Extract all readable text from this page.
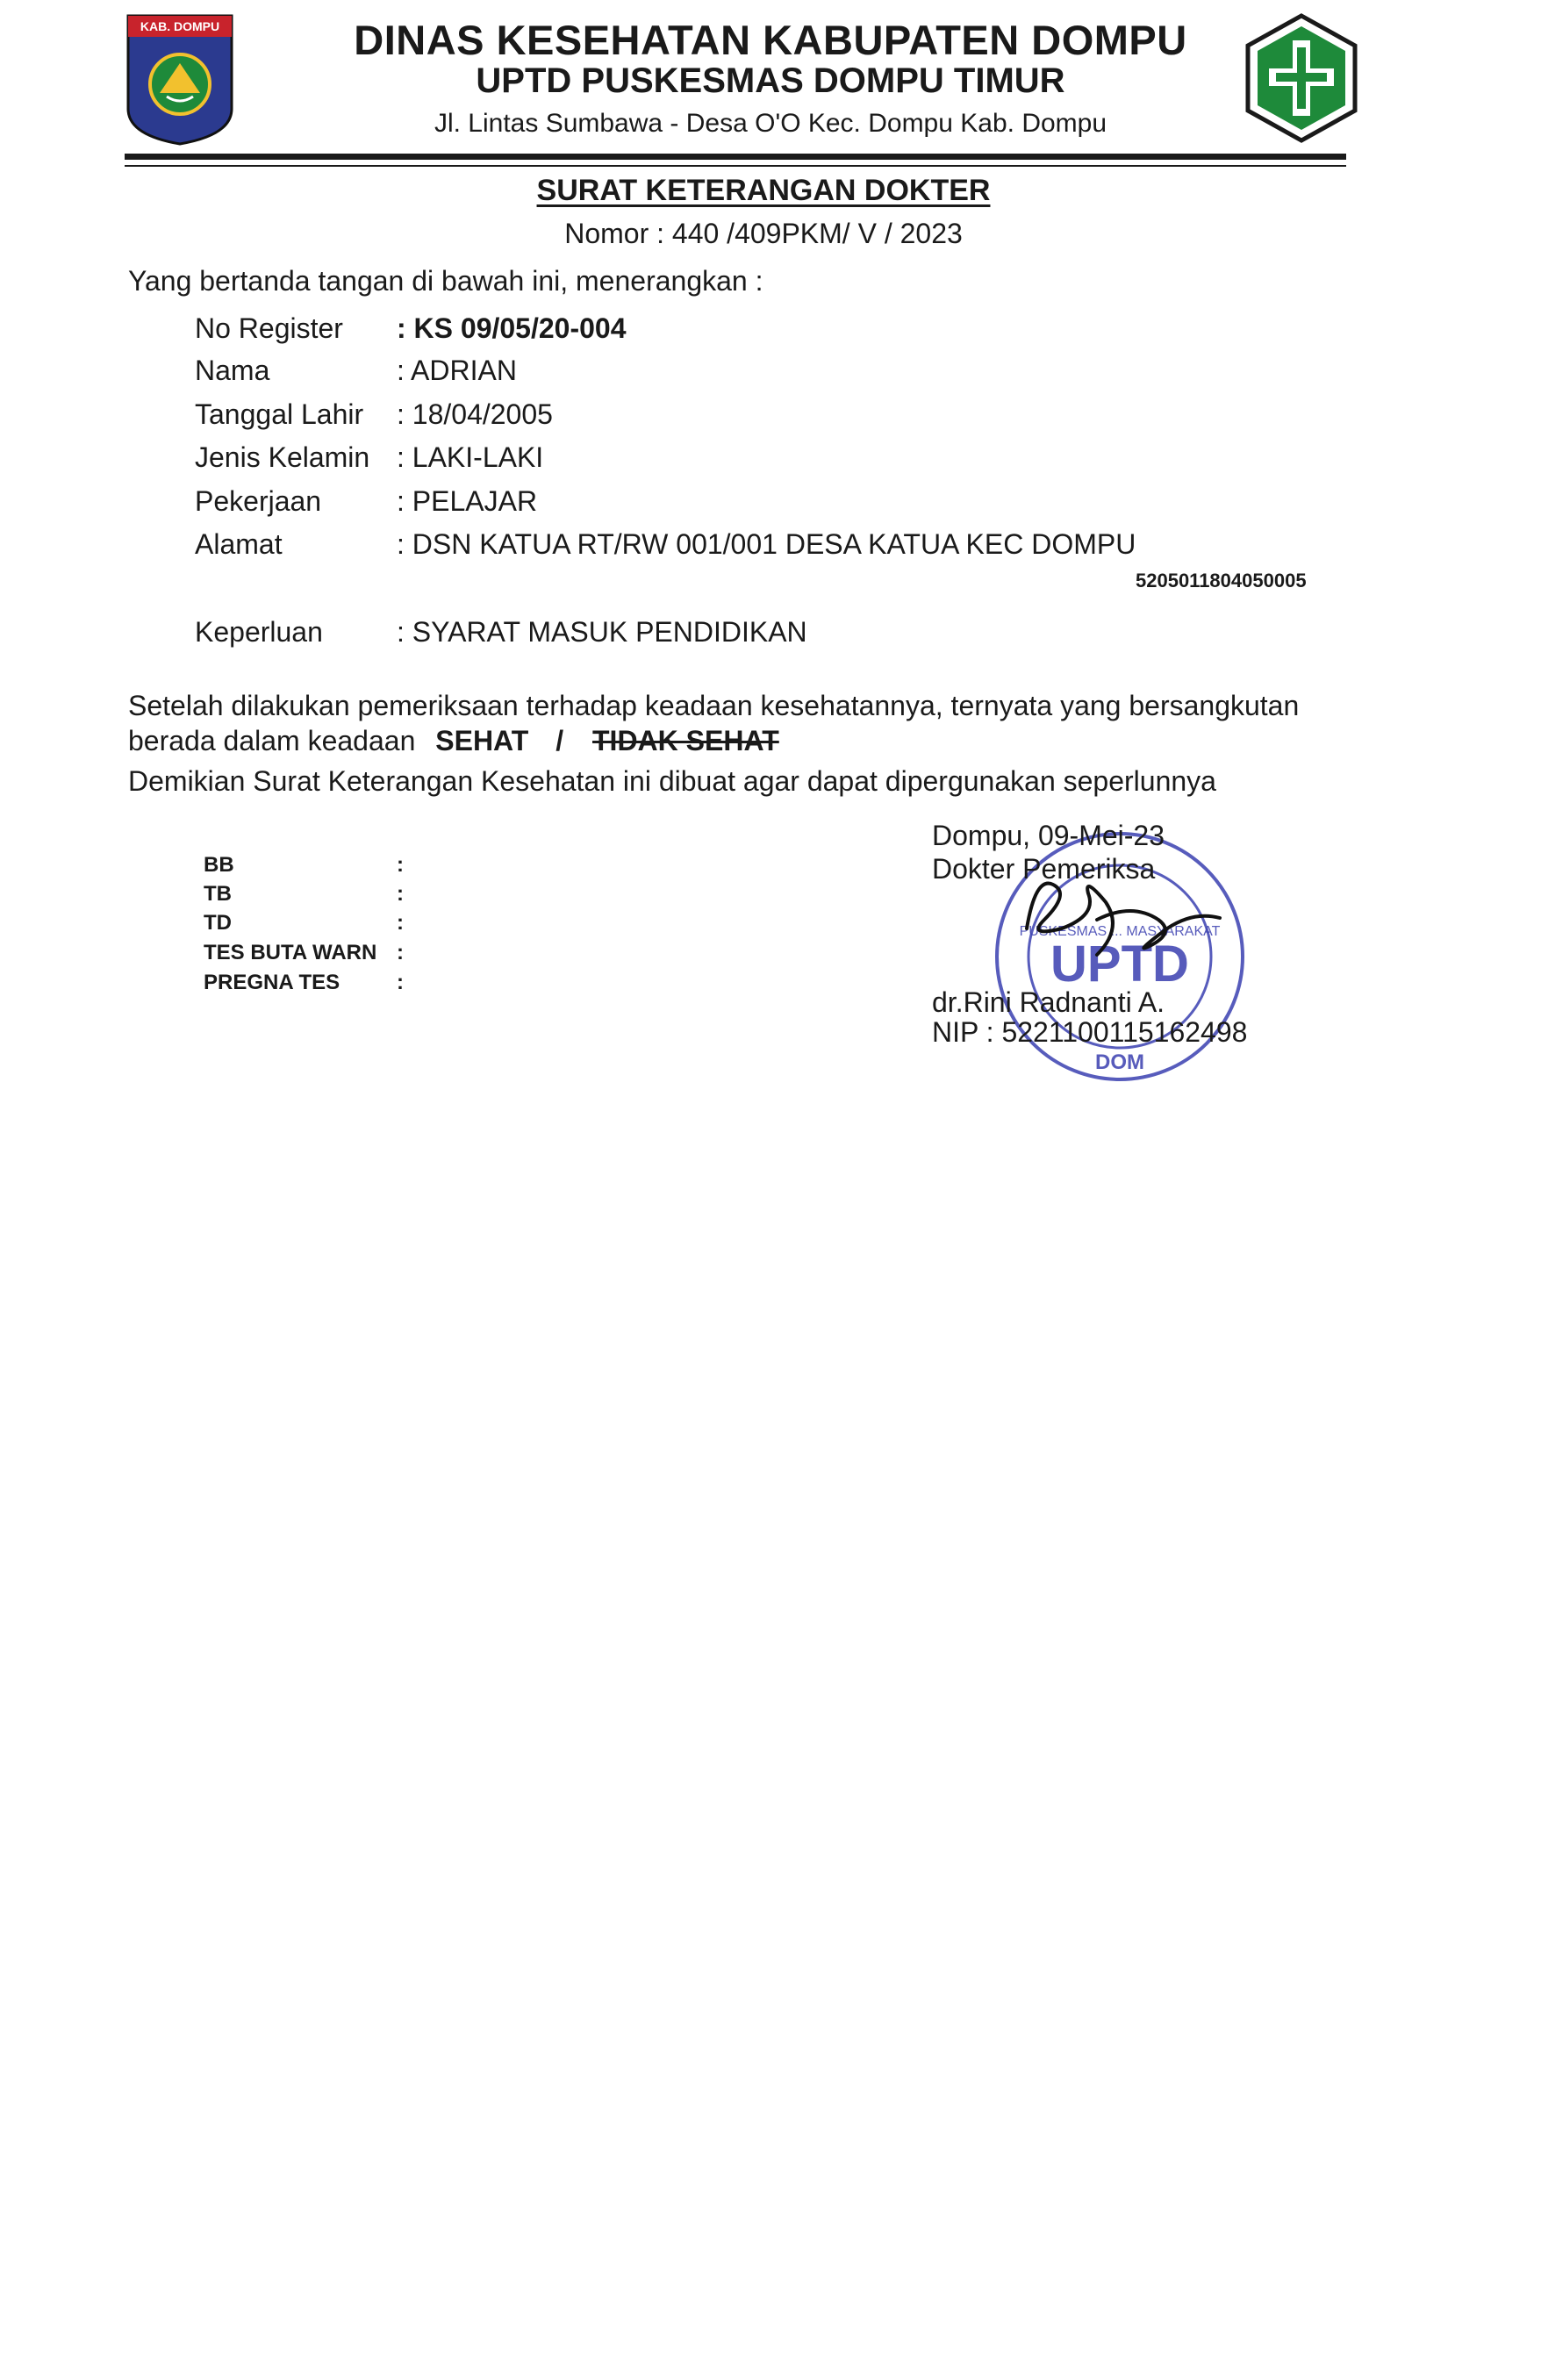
KAB. DOMPU	DINAS KESEHATAN KABUPATEN DOMPU
UPTD PUSKESMAS DOMPU TIMUR
Jl. Lintas Sumbawa - Desa O'O Kec. Dompu Kab. Dompu
SURAT KETERANGAN DOKTER
Nomor : 440 /409PKM/ V / 2023
Yang bertanda tangan di bawah ini, menerangkan :
No Register : KS 09/05/20-004
Nama	: ADRIAN
Tanggal Lahir : 18/04/2005
Jenis Kelamin : LAKI-LAKI
Pekerjaan	: PELAJAR
Alamat	: DSN KATUA RT/RW 001/001 DESA KATUA KEC DOMPU
5205011804050005
Keperluan	: SYARAT MASUK PENDIDIKAN
Setelah dilakukan pemeriksaan terhadap keadaan kesehatannya, ternyata yang bersangkutan
berada dalam keadaan SEHAT / TIDAK SEHAT
Demikian Surat Keterangan Kesehatan ini dibuat agar dapat dipergunakan seperlunnya
BB	:
TB	:
TD	:
TES BUTA WARN :
PREGNA TES	:
PUSKESMAS ... MASYARAKAT
UPTD
DOM
Dompu, 09-Mei-23
Dokter Pemeriksa
dr.Rini Radnanti A.
NIP : 5221100115162498
